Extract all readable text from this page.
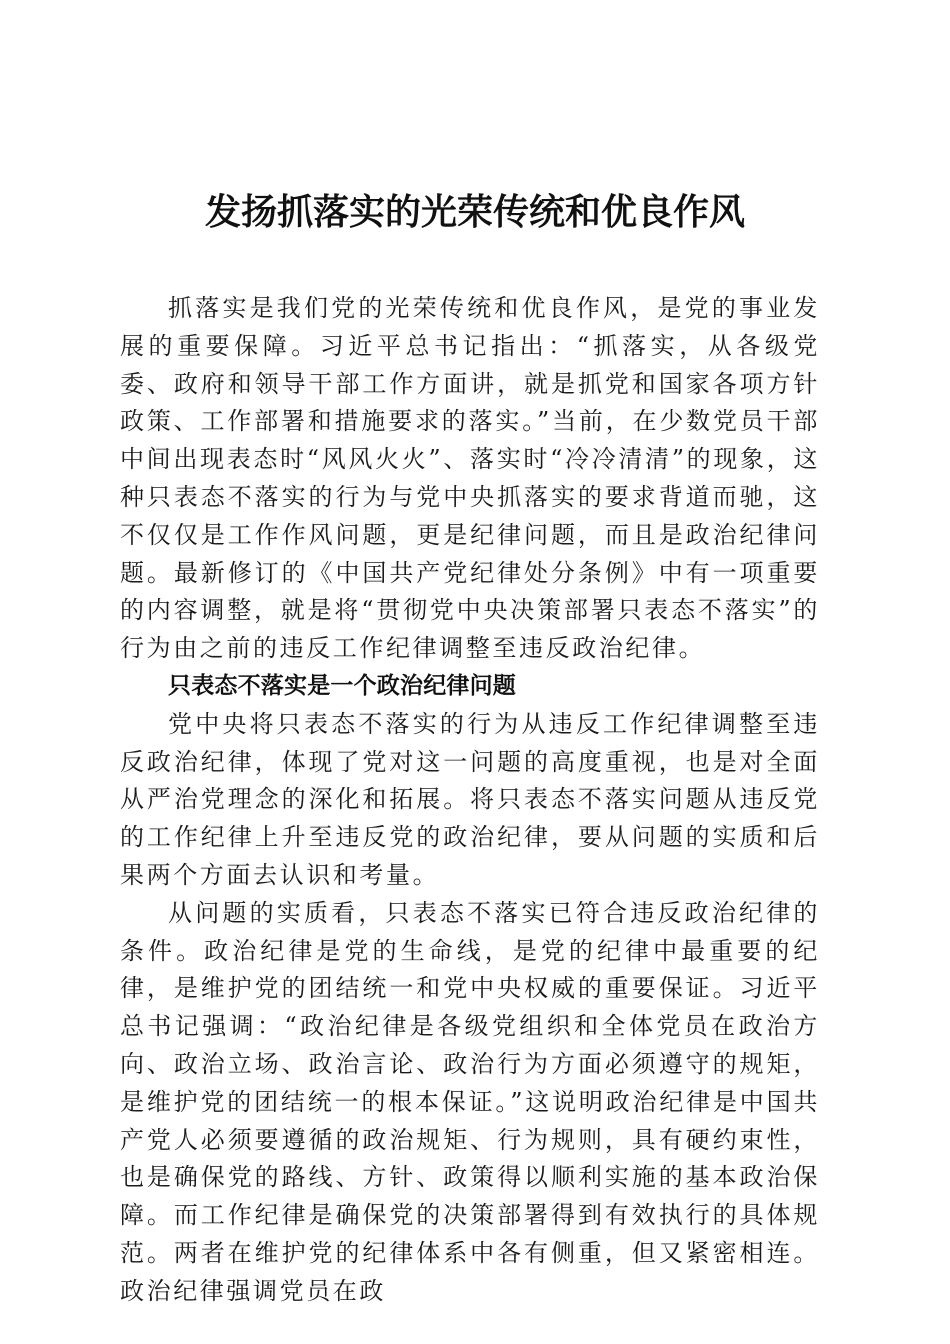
发扬抓落实的光荣传统和优良作风

抓落实是我们党的光荣传统和优良作风，是党的事业发展的重要保障。习近平总书记指出：“抓落实，从各级党委、政府和领导干部工作方面讲，就是抓党和国家各项方针政策、工作部署和措施要求的落实。”当前，在少数党员干部中间出现表态时“风风火火”、落实时“冷冷清清”的现象，这种只表态不落实的行为与党中央抓落实的要求背道而驰，这不仅仅是工作作风问题，更是纪律问题，而且是政治纪律问题。最新修订的《中国共产党纪律处分条例》中有一项重要的内容调整，就是将“贯彻党中央决策部署只表态不落实”的行为由之前的违反工作纪律调整至违反政治纪律。

只表态不落实是一个政治纪律问题

党中央将只表态不落实的行为从违反工作纪律调整至违反政治纪律，体现了党对这一问题的高度重视，也是对全面从严治党理念的深化和拓展。将只表态不落实问题从违反党的工作纪律上升至违反党的政治纪律，要从问题的实质和后果两个方面去认识和考量。

从问题的实质看，只表态不落实已符合违反政治纪律的条件。政治纪律是党的生命线，是党的纪律中最重要的纪律，是维护党的团结统一和党中央权威的重要保证。习近平总书记强调：“政治纪律是各级党组织和全体党员在政治方向、政治立场、政治言论、政治行为方面必须遵守的规矩，是维护党的团结统一的根本保证。”这说明政治纪律是中国共产党人必须要遵循的政治规矩、行为规则，具有硬约束性，也是确保党的路线、方针、政策得以顺利实施的基本政治保障。而工作纪律是确保党的决策部署得到有效执行的具体规范。两者在维护党的纪律体系中各有侧重，但又紧密相连。政治纪律强调党员在政
